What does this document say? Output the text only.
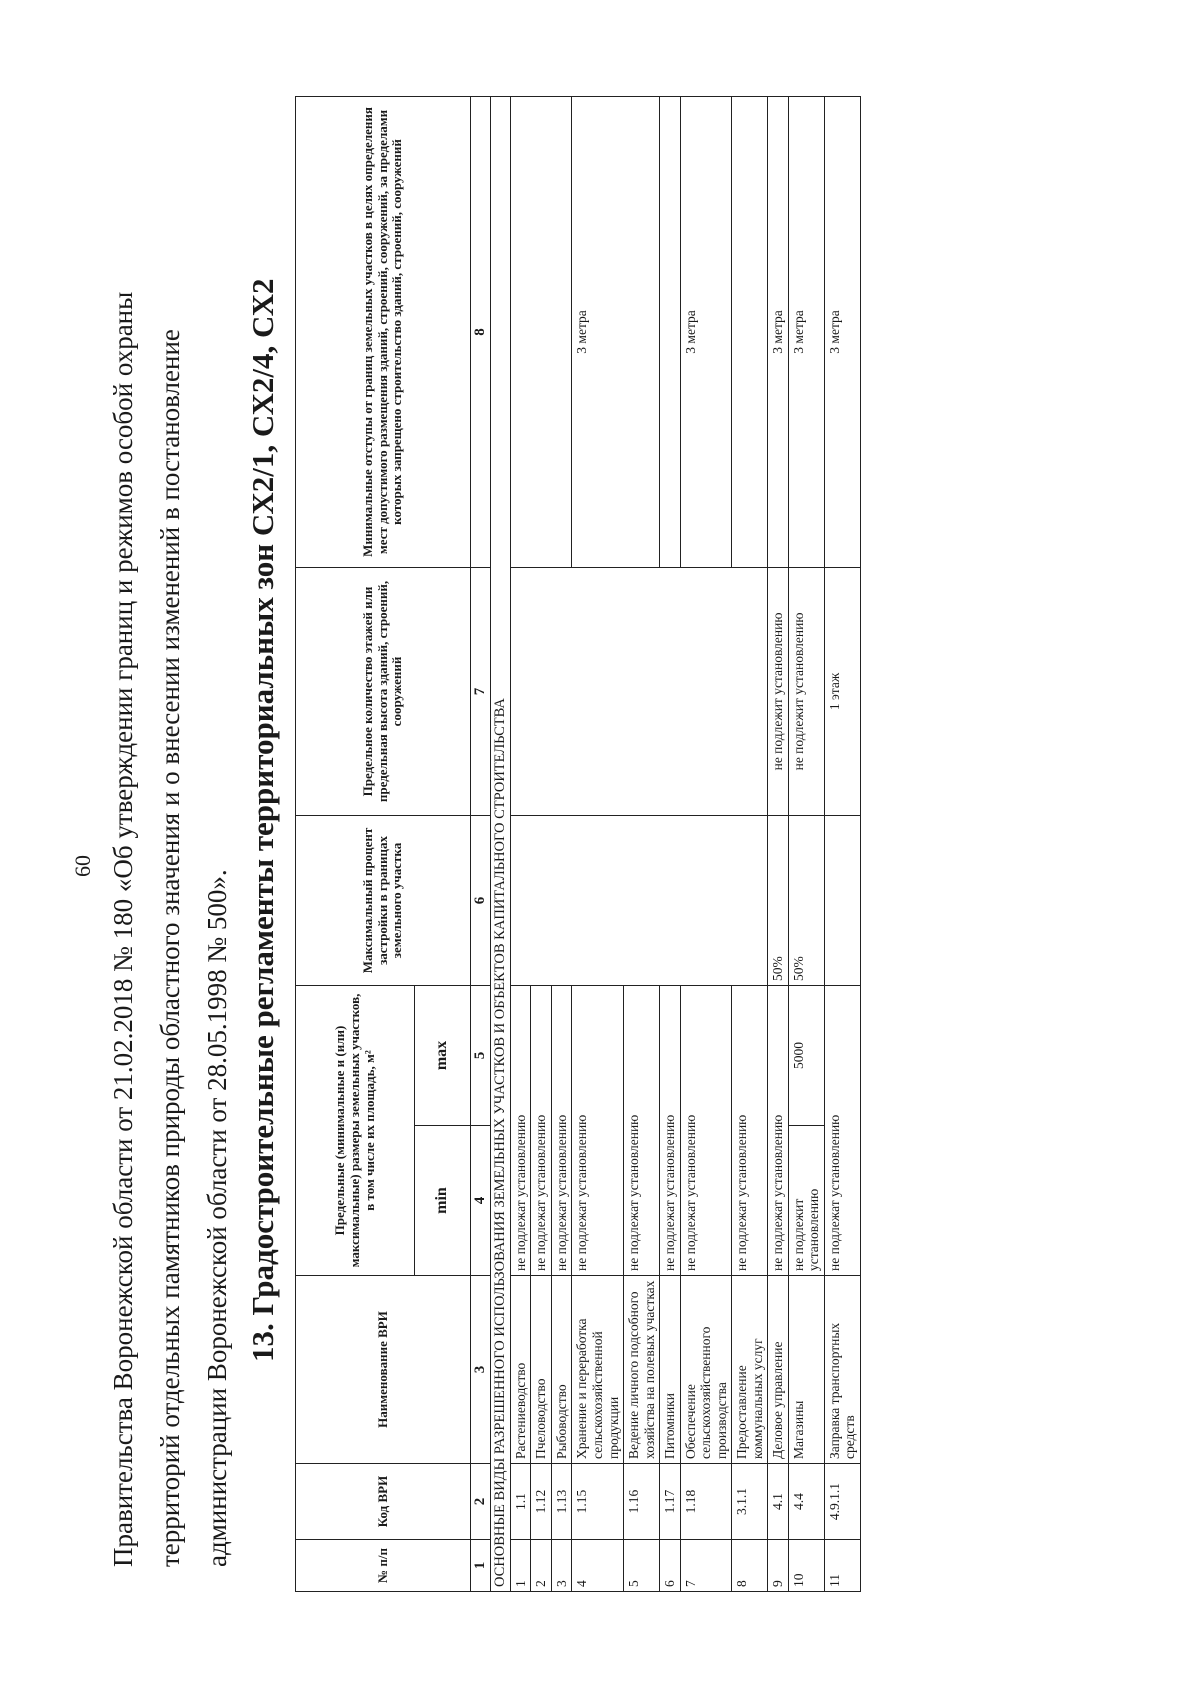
60 Правительства Воронежской области от 21.02.2018 № 180 «Об утверждении границ и режимов особой охраны территорий отдельных памятников природы областного значения и о внесении изменений в постановление администрации Воронежской области от 28.05.1998 № 500». 13. Градостроительные регламенты территориальных зон СХ2/1, СХ2/4, СХ2
№ п/п	Код ВРИ	Наименование ВРИ	Предельные (минимальные и (или) максимальные) размеры земельных участков, в том числе их площадь, м²		Максимальный процент застройки в границах земельного участка	Предельное количество этажей или предельная высота зданий, строений, сооружений	Минимальные отступы от границ земельных участков в целях определения мест допустимого размещения зданий, строений, сооружений, за пределами которых запрещено строительство зданий, строений, сооружений
			min	max			
1	2	3	4	5	6	7	8
ОСНОВНЫЕ ВИДЫ РАЗРЕШЕННОГО ИСПОЛЬЗОВАНИЯ ЗЕМЕЛЬНЫХ УЧАСТКОВ И ОБЪЕКТОВ КАПИТАЛЬНОГО СТРОИТЕЛЬСТВА							
1	1.1	Растениеводство	не подлежат установлению				
2	1.12	Пчеловодство	не подлежат установлению				
3	1.13	Рыбоводство	не подлежат установлению				
4	1.15	Хранение и переработка сельскохозяйственной продукции	не подлежат установлению				3 метра
5	1.16	Ведение личного подсобного хозяйства на полевых участках	не подлежат установлению				
6	1.17	Питомники	не подлежат установлению				
7	1.18	Обеспечение сельскохозяйственного производства	не подлежат установлению				3 метра
8	3.1.1	Предоставление коммунальных услуг	не подлежат установлению				
9	4.1	Деловое управление	не подлежат установлению		50%	не подлежит установлению	3 метра
10	4.4	Магазины	не подлежит установлению	5000	50%	не подлежит установлению	3 метра
11	4.9.1.1	Заправка транспортных средств	не подлежат установлению			1 этаж	3 метра
